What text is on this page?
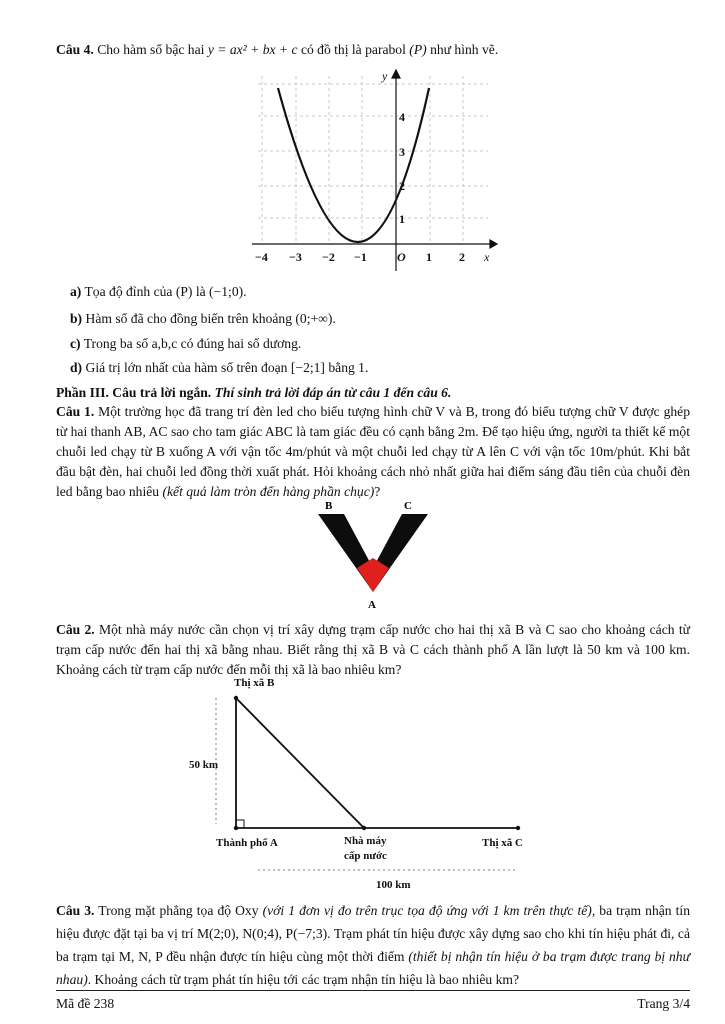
Câu 4. Cho hàm số bậc hai y = ax² + bx + c có đồ thị là parabol (P) như hình vẽ.

−4 −3 −2 −1	O 1 2 x
1
2
3
4
y

a) Tọa độ đỉnh của (P) là (−1;0).

b) Hàm số đã cho đồng biến trên khoảng (0;+∞).

c) Trong ba số a,b,c có đúng hai số dương.

d) Giá trị lớn nhất của hàm số trên đoạn [−2;1] bằng 1.

Phần III. Câu trả lời ngắn. Thí sinh trả lời đáp án từ câu 1 đến câu 6.

Câu 1. Một trường học đã trang trí đèn led cho biểu tượng hình chữ V và B, trong đó biểu tượng chữ V được ghép từ hai thanh AB, AC sao cho tam giác ABC là tam giác đều có cạnh bằng 2m. Để tạo hiệu ứng, người ta thiết kế một chuỗi led chạy từ B xuống A với vận tốc 4m/phút và một chuỗi led chạy từ A lên C với vận tốc 10m/phút. Khi bắt đầu bật đèn, hai chuỗi led đồng thời xuất phát. Hỏi khoảng cách nhỏ nhất giữa hai điểm sáng đầu tiên của chuỗi đèn led bằng bao nhiêu (kết quả làm tròn đến hàng phần chục)?

B	C
A

Câu 2. Một nhà máy nước cần chọn vị trí xây dựng trạm cấp nước cho hai thị xã B và C sao cho khoảng cách từ trạm cấp nước đến hai thị xã bằng nhau. Biết rằng thị xã B và C cách thành phố A lần lượt là 50 km và 100 km. Khoảng cách từ trạm cấp nước đến mỗi thị xã là bao nhiêu km?

Thị xã B
50 km
Thành phố A	Nhà máy
cấp nước
Thị xã C
100 km

Câu 3. Trong mặt phẳng tọa độ Oxy (với 1 đơn vị đo trên trục tọa độ ứng với 1 km trên thực tế), ba trạm nhận tín hiệu được đặt tại ba vị trí M(2;0), N(0;4), P(−7;3). Trạm phát tín hiệu được xây dựng sao cho khi tín hiệu phát đi, cả ba trạm tại M, N, P đều nhận được tín hiệu cùng một thời điểm (thiết bị nhận tín hiệu ở ba trạm được trang bị như nhau). Khoảng cách từ trạm phát tín hiệu tới các trạm nhận tín hiệu là bao nhiêu km?

Mã đề 238	Trang 3/4
